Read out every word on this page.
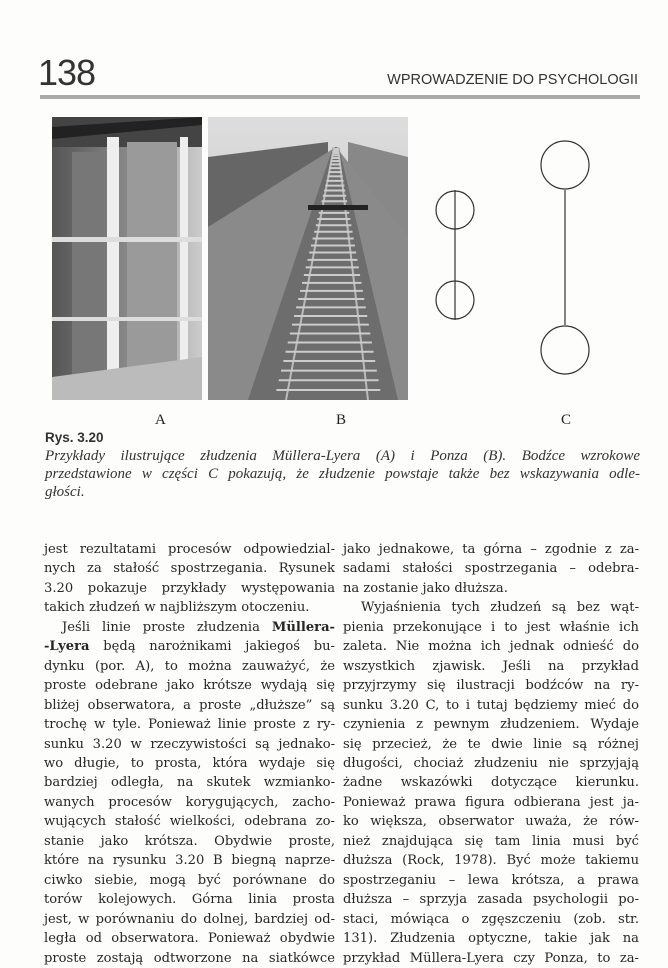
138	WPROWADZENIE DO PSYCHOLOGII
A	B	C
Rys. 3.20
Przykłady ilustrujące złudzenia Müllera-Lyera (A) i Ponza (B). Bodźce wzrokowe
przedstawione w części C pokazują, że złudzenie powstaje także bez wskazywania odle-
głości.
jest rezultatami procesów odpowiedzial-
nych za stałość spostrzegania. Rysunek
3.20 pokazuje przykłady występowania
takich złudzeń w najbliższym otoczeniu.
Jeśli linie proste złudzenia Müllera-
-Lyera będą narożnikami jakiegoś bu-
dynku (por. A), to można zauważyć, że
proste odebrane jako krótsze wydają się
bliżej obserwatora, a proste „dłuższe” są
trochę w tyle. Ponieważ linie proste z ry-
sunku 3.20 w rzeczywistości są jednako-
wo długie, to prosta, która wydaje się
bardziej odległa, na skutek wzmianko-
wanych procesów korygujących, zacho-
wujących stałość wielkości, odebrana zo-
stanie jako krótsza. Obydwie proste,
które na rysunku 3.20 B biegną naprze-
ciwko siebie, mogą być porównane do
torów kolejowych. Górna linia prosta
jest, w porównaniu do dolnej, bardziej od-
legła od obserwatora. Ponieważ obydwie
proste zostają odtworzone na siatkówce
jako jednakowe, ta górna – zgodnie z za-
sadami stałości spostrzegania – odebra-
na zostanie jako dłuższa.
Wyjaśnienia tych złudzeń są bez wąt-
pienia przekonujące i to jest właśnie ich
zaleta. Nie można ich jednak odnieść do
wszystkich zjawisk. Jeśli na przykład
przyjrzymy się ilustracji bodźców na ry-
sunku 3.20 C, to i tutaj będziemy mieć do
czynienia z pewnym złudzeniem. Wydaje
się przecież, że te dwie linie są różnej
długości, chociaż złudzeniu nie sprzyjają
żadne wskazówki dotyczące kierunku.
Ponieważ prawa figura odbierana jest ja-
ko większa, obserwator uważa, że rów-
nież znajdująca się tam linia musi być
dłuższa (Rock, 1978). Być może takiemu
spostrzeganiu – lewa krótsza, a prawa
dłuższa – sprzyja zasada psychologii po-
staci, mówiąca o zgęszczeniu (zob. str.
131). Złudzenia optyczne, takie jak na
przykład Müllera-Lyera czy Ponza, to za-
